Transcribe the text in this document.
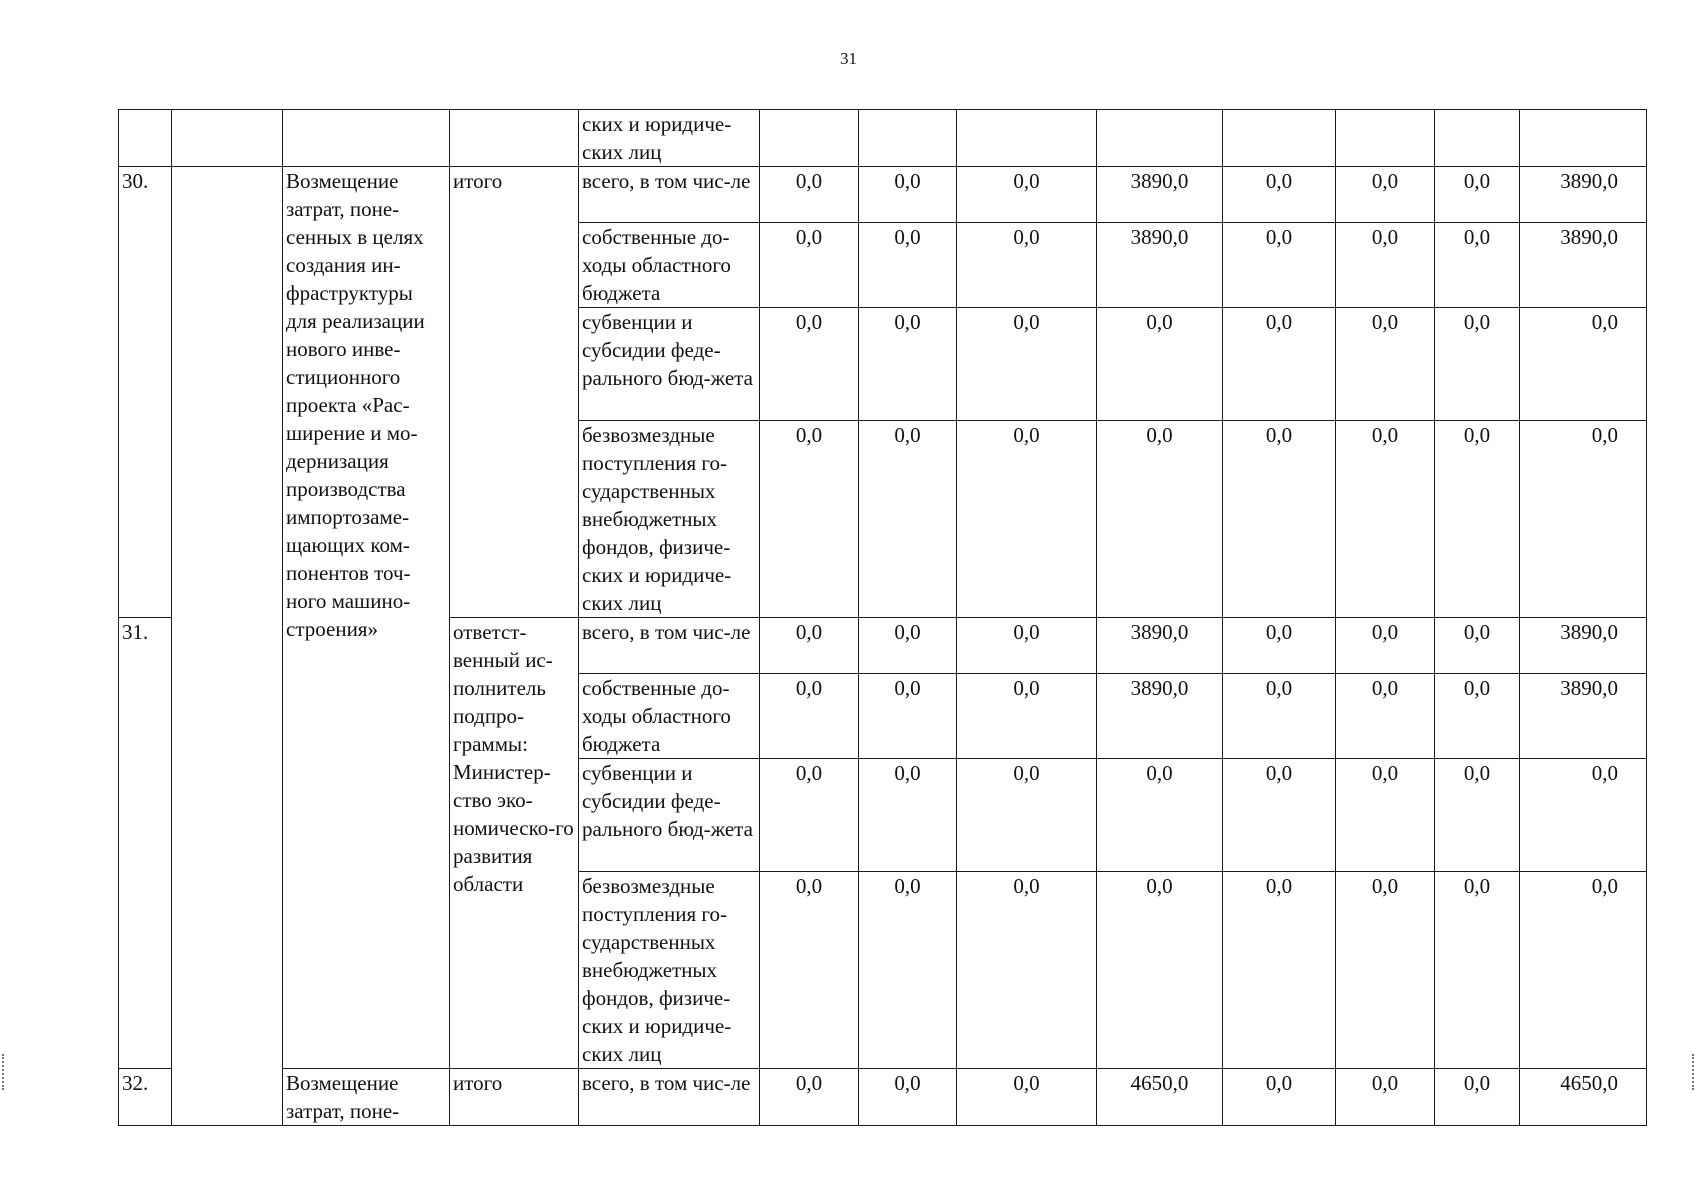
31
				ских и юридиче-ских лиц								
30.		Возмещение затрат, поне-сенных в целях создания ин-фраструктуры для реализации нового инве-стиционного проекта «Рас-ширение и мо-дернизация производства импортозаме-щающих ком-понентов точ-ного машино-строения»	итого	всего, в том чис-ле	0,0	0,0	0,0	3890,0	0,0	0,0	0,0	3890,0
				собственные до-ходы областного бюджета	0,0	0,0	0,0	3890,0	0,0	0,0	0,0	3890,0
				субвенции и субсидии феде-рального бюд-жета	0,0	0,0	0,0	0,0	0,0	0,0	0,0	0,0
				безвозмездные поступления го-сударственных внебюджетных фондов, физиче-ских и юридиче-ских лиц	0,0	0,0	0,0	0,0	0,0	0,0	0,0	0,0
31.			ответст-венный ис-полнитель подпро-граммы: Министер-ство эко-номическо-го развития области	всего, в том чис-ле	0,0	0,0	0,0	3890,0	0,0	0,0	0,0	3890,0
				собственные до-ходы областного бюджета	0,0	0,0	0,0	3890,0	0,0	0,0	0,0	3890,0
				субвенции и субсидии феде-рального бюд-жета	0,0	0,0	0,0	0,0	0,0	0,0	0,0	0,0
				безвозмездные поступления го-сударственных внебюджетных фондов, физиче-ских и юридиче-ских лиц	0,0	0,0	0,0	0,0	0,0	0,0	0,0	0,0
32.		Возмещение затрат, поне-	итого	всего, в том чис-ле	0,0	0,0	0,0	4650,0	0,0	0,0	0,0	4650,0
